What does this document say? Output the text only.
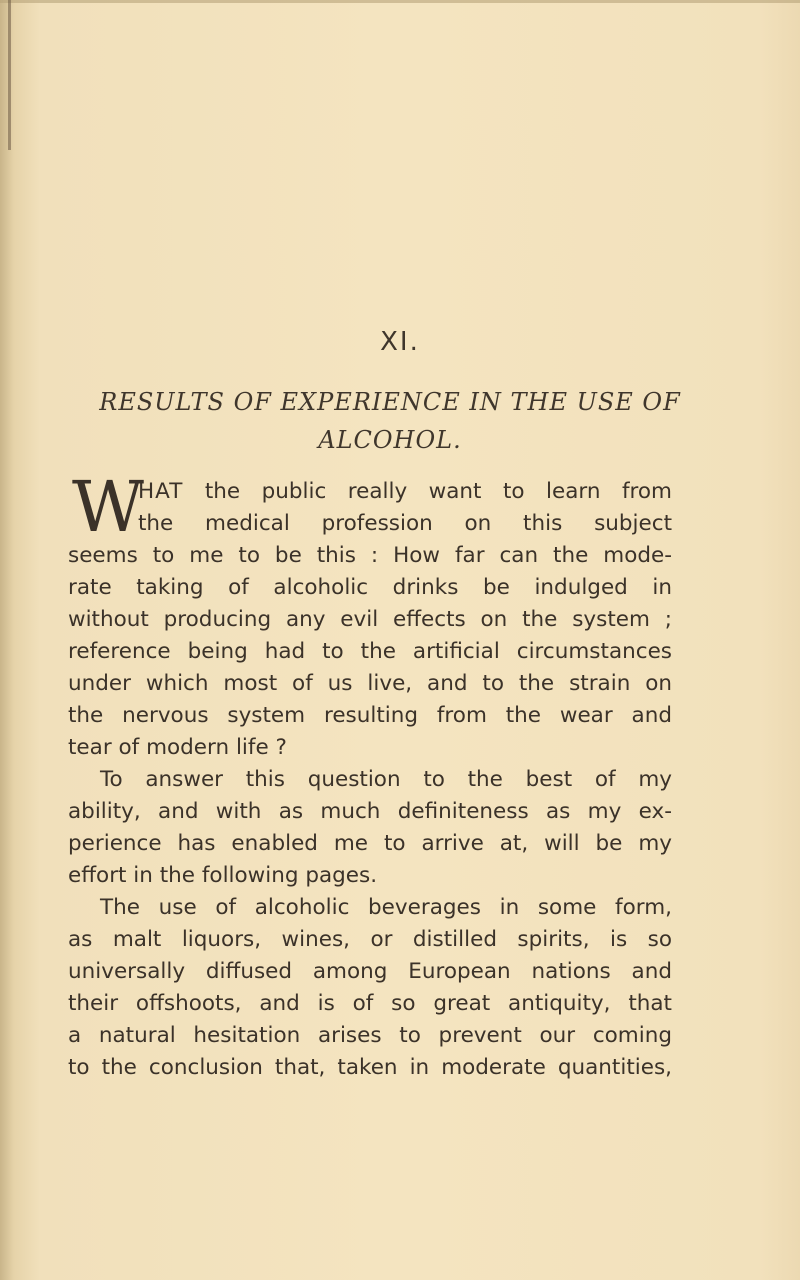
XI.
RESULTS OF EXPERIENCE IN THE USE OF
ALCOHOL.
W
HAT the public really want to learn from
the medical profession on this subject
seems to me to be this : How far can the mode-
rate taking of alcoholic drinks be indulged in
without producing any evil effects on the system ;
reference being had to the artificial circumstances
under which most of us live, and to the strain on
the nervous system resulting from the wear and
tear of modern life ?
To answer this question to the best of my
ability, and with as much definiteness as my ex-
perience has enabled me to arrive at, will be my
effort in the following pages.
The use of alcoholic beverages in some form,
as malt liquors, wines, or distilled spirits, is so
universally diffused among European nations and
their offshoots, and is of so great antiquity, that
a natural hesitation arises to prevent our coming
to the conclusion that, taken in moderate quantities,
